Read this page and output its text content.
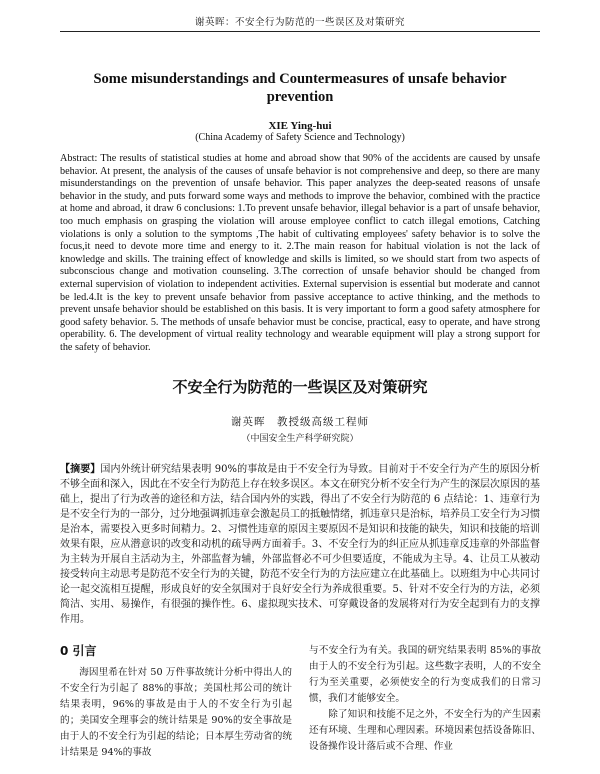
谢英晖：不安全行为防范的一些误区及对策研究
Some misunderstandings and Countermeasures of unsafe behavior prevention
XIE Ying-hui
(China Academy of Safety Science and Technology)
Abstract: The results of statistical studies at home and abroad show that 90% of the accidents are caused by unsafe behavior. At present, the analysis of the causes of unsafe behavior is not comprehensive and deep, so there are many misunderstandings on the prevention of unsafe behavior. This paper analyzes the deep-seated reasons of unsafe behavior in the study, and puts forward some ways and methods to improve the behavior, combined with the practice at home and abroad, it draw 6 conclusions: 1.To prevent unsafe behavior, illegal behavior is a part of unsafe behavior, too much emphasis on grasping the violation will arouse employee conflict to catch illegal emotions, Catching violations is only a solution to the symptoms ,The habit of cultivating employees' safety behavior is to solve the focus,it need to devote more time and energy to it. 2.The main reason for habitual violation is not the lack of knowledge and skills. The training effect of knowledge and skills is limited, so we should start from two aspects of subconscious change and motivation counseling. 3.The correction of unsafe behavior should be changed from external supervision of violation to independent activities. External supervision is essential but moderate and cannot be led.4.It is the key to prevent unsafe behavior from passive acceptance to active thinking, and the methods to prevent unsafe behavior should be established on this basis. It is very important to form a good safety atmosphere for good safety behavior. 5. The methods of unsafe behavior must be concise, practical, easy to operate, and have strong operability. 6. The development of virtual reality technology and wearable equipment will play a strong support for the safety of behavior.
不安全行为防范的一些误区及对策研究
谢英晖　教授级高级工程师
（中国安全生产科学研究院）
【摘要】国内外统计研究结果表明 90%的事故是由于不安全行为导致。目前对于不安全行为产生的原因分析不够全面和深入，因此在不安全行为防范上存在较多误区。本文在研究分析不安全行为产生的深层次原因的基础上，提出了行为改善的途径和方法，结合国内外的实践，得出了不安全行为防范的 6 点结论：1、违章行为是不安全行为的一部分，过分地强调抓违章会激起员工的抵触情绪，抓违章只是治标，培养员工安全行为习惯是治本，需要投入更多时间精力。2、习惯性违章的原因主要原因不是知识和技能的缺失，知识和技能的培训效果有限，应从潜意识的改变和动机的疏导两方面着手。3、不安全行为的纠正应从抓违章反违章的外部监督为主转为开展自主活动为主，外部监督为辅，外部监督必不可少但要适度，不能成为主导。4、让员工从被动接受转向主动思考是防范不安全行为的关键，防范不安全行为的方法应建立在此基础上。以班组为中心共同讨论一起交流相互提醒，形成良好的安全氛围对于良好安全行为养成很重要。5、针对不安全行为的方法，必须简洁、实用、易操作，有很强的操作性。6、虚拟现实技术、可穿戴设备的发展将对行为安全起到有力的支撑作用。
0 引言

海因里希在针对 50 万件事故统计分析中得出人的不安全行为引起了 88%的事故；美国杜邦公司的统计结果表明，96%的事故是由于人的不安全行为引起的；美国安全理事会的统计结果是 90%的安全事故是由于人的不安全行为引起的结论；日本厚生劳动省的统计结果是 94%的事故

与不安全行为有关。我国的研究结果表明 85%的事故由于人的不安全行为引起。这些数字表明，人的不安全行为至关重要，必须使安全的行为变成我们的日常习惯，我们才能够安全。

除了知识和技能不足之外，不安全行为的产生因素还有环境、生理和心理因素。环境因素包括设备陈旧、设备操作设计落后或不合理、作业
